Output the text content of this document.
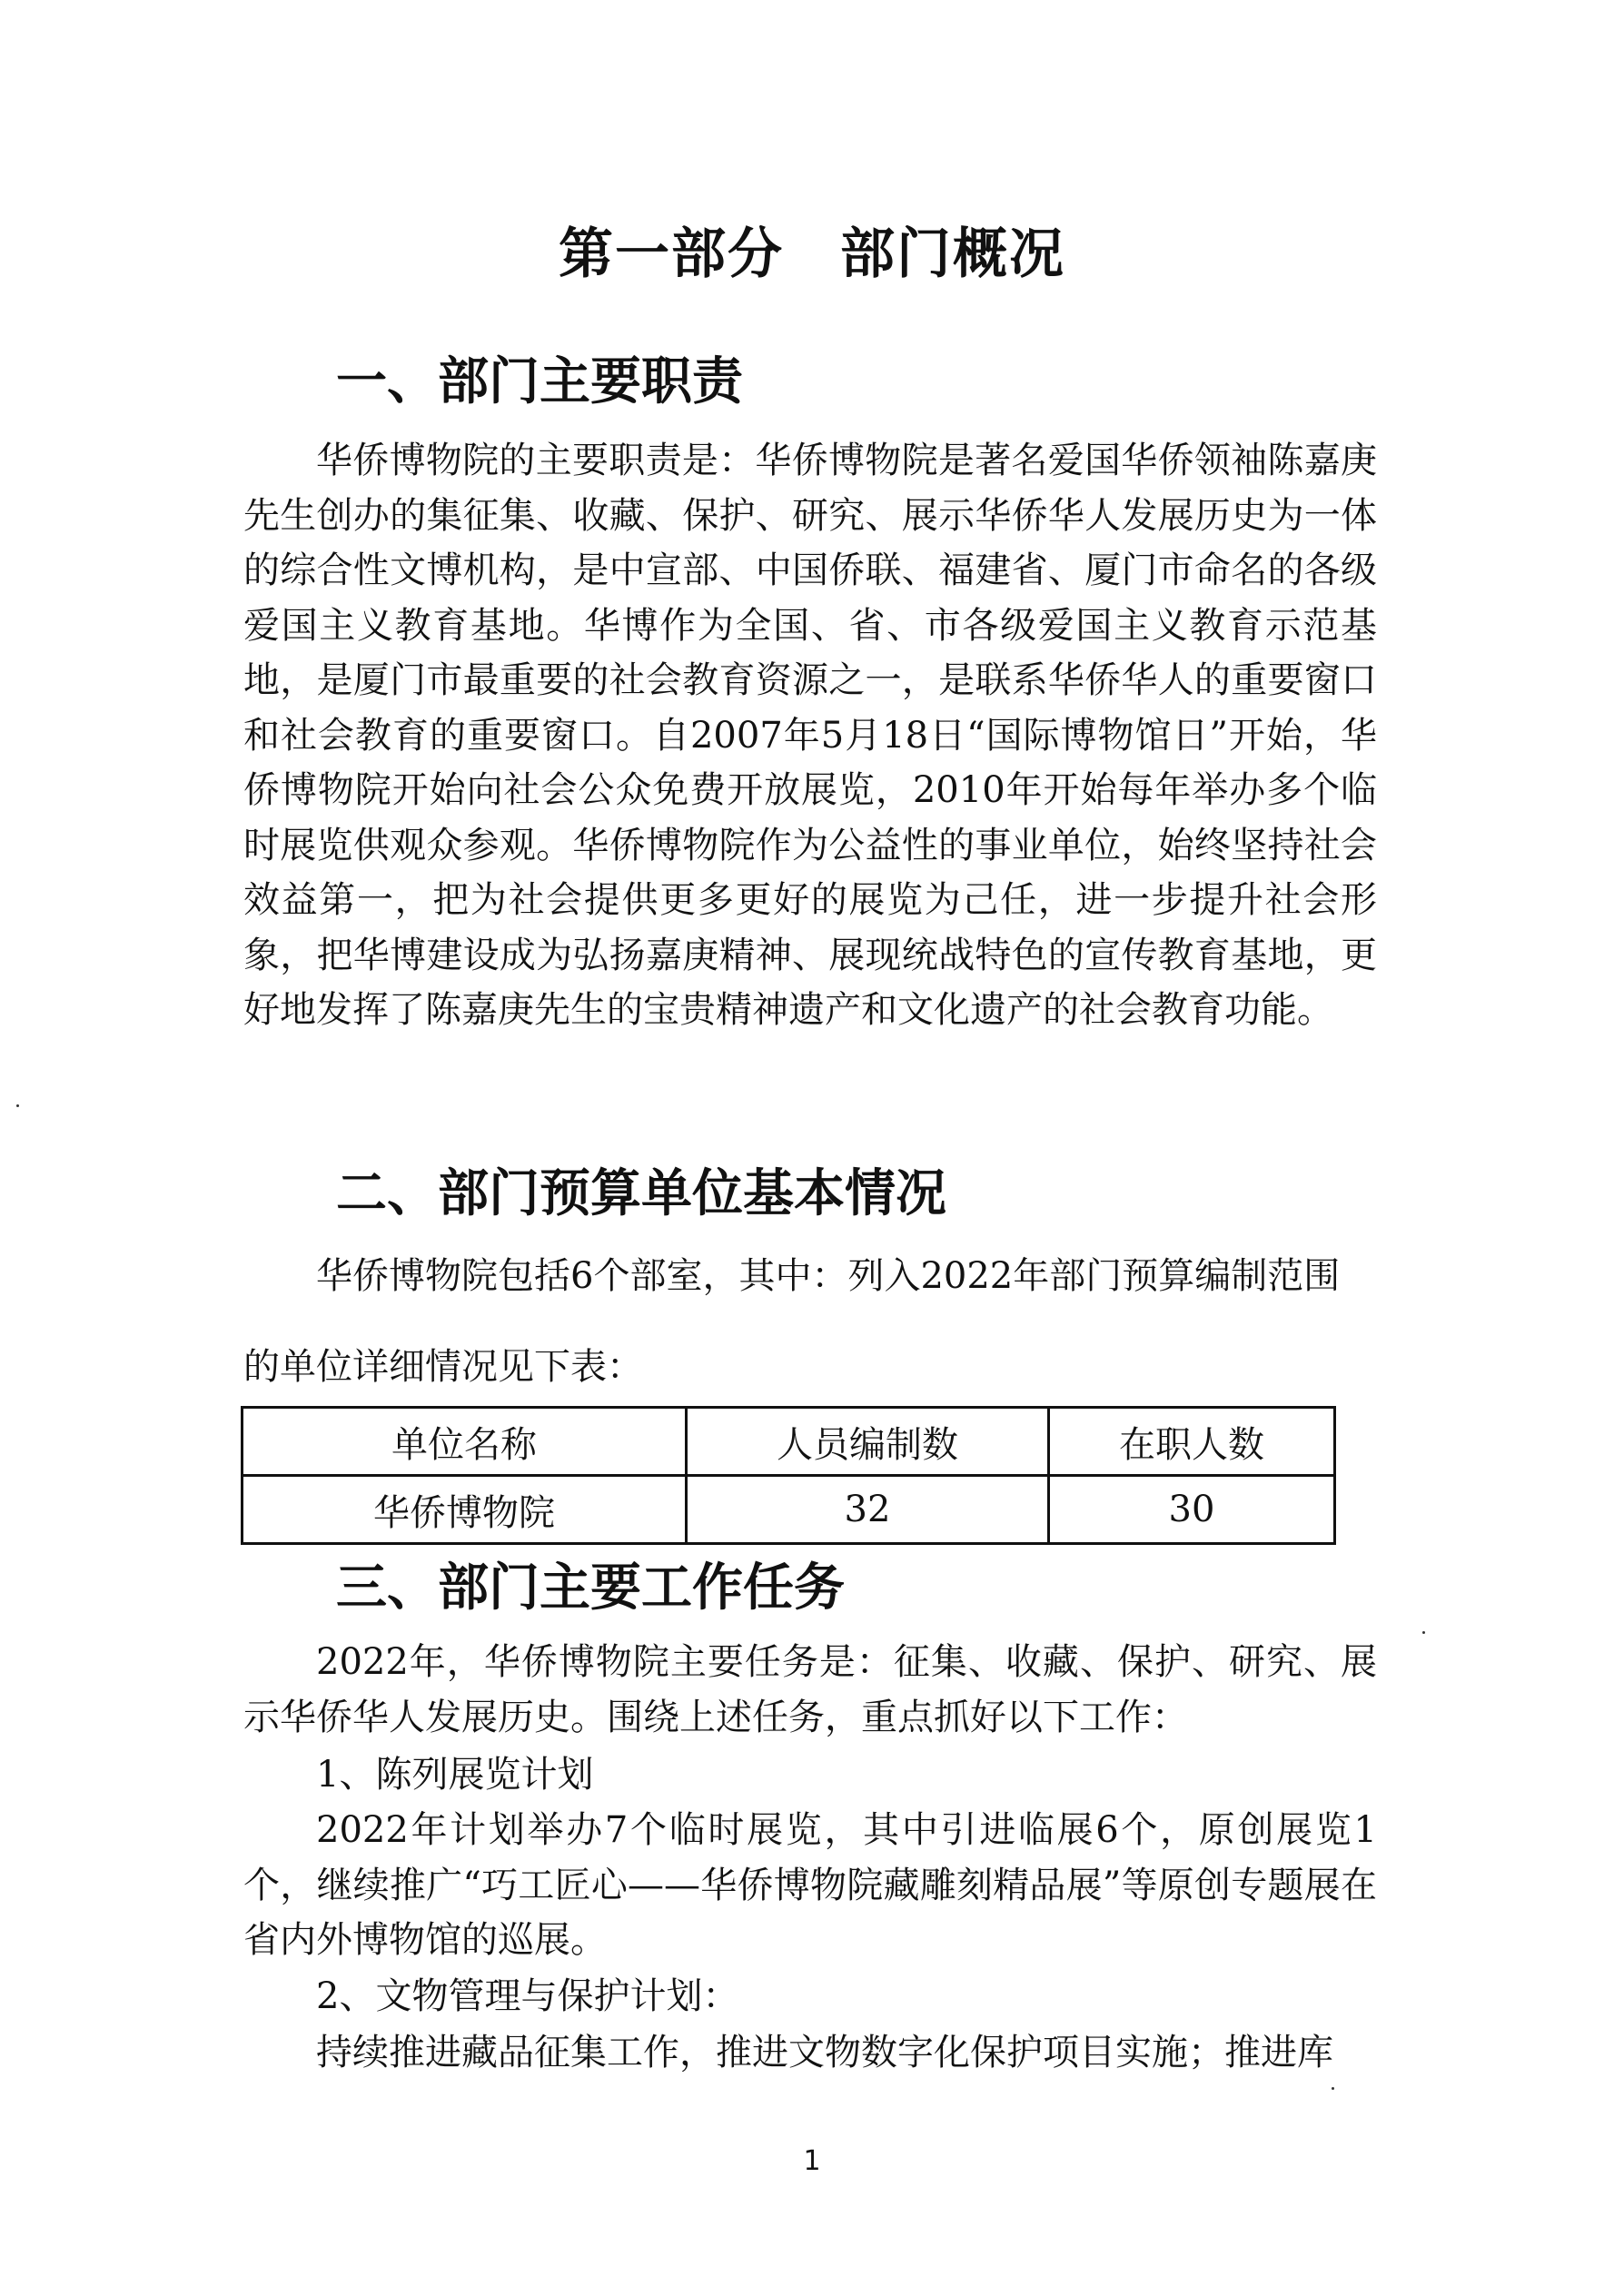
第一部分　部门概况
一、部门主要职责
华侨博物院的主要职责是：华侨博物院是著名爱国华侨领袖陈嘉庚先生创办的集征集、收藏、保护、研究、展示华侨华人发展历史为一体的综合性文博机构，是中宣部、中国侨联、福建省、厦门市命名的各级爱国主义教育基地。华博作为全国、省、市各级爱国主义教育示范基地，是厦门市最重要的社会教育资源之一，是联系华侨华人的重要窗口和社会教育的重要窗口。自2007年5月18日“国际博物馆日”开始，华侨博物院开始向社会公众免费开放展览，2010年开始每年举办多个临时展览供观众参观。华侨博物院作为公益性的事业单位，始终坚持社会效益第一，把为社会提供更多更好的展览为己任，进一步提升社会形象，把华博建设成为弘扬嘉庚精神、展现统战特色的宣传教育基地，更好地发挥了陈嘉庚先生的宝贵精神遗产和文化遗产的社会教育功能。
二、部门预算单位基本情况
华侨博物院包括6个部室，其中：列入2022年部门预算编制范围
的单位详细情况见下表：
单位名称	人员编制数	在职人数
华侨博物院	32	30
三、部门主要工作任务
2022年，华侨博物院主要任务是：征集、收藏、保护、研究、展示华侨华人发展历史。围绕上述任务，重点抓好以下工作：
1、陈列展览计划
2022年计划举办7个临时展览，其中引进临展6个，原创展览1个，继续推广“巧工匠心——华侨博物院藏雕刻精品展”等原创专题展在省内外博物馆的巡展。
2、文物管理与保护计划：
持续推进藏品征集工作，推进文物数字化保护项目实施；推进库
1
